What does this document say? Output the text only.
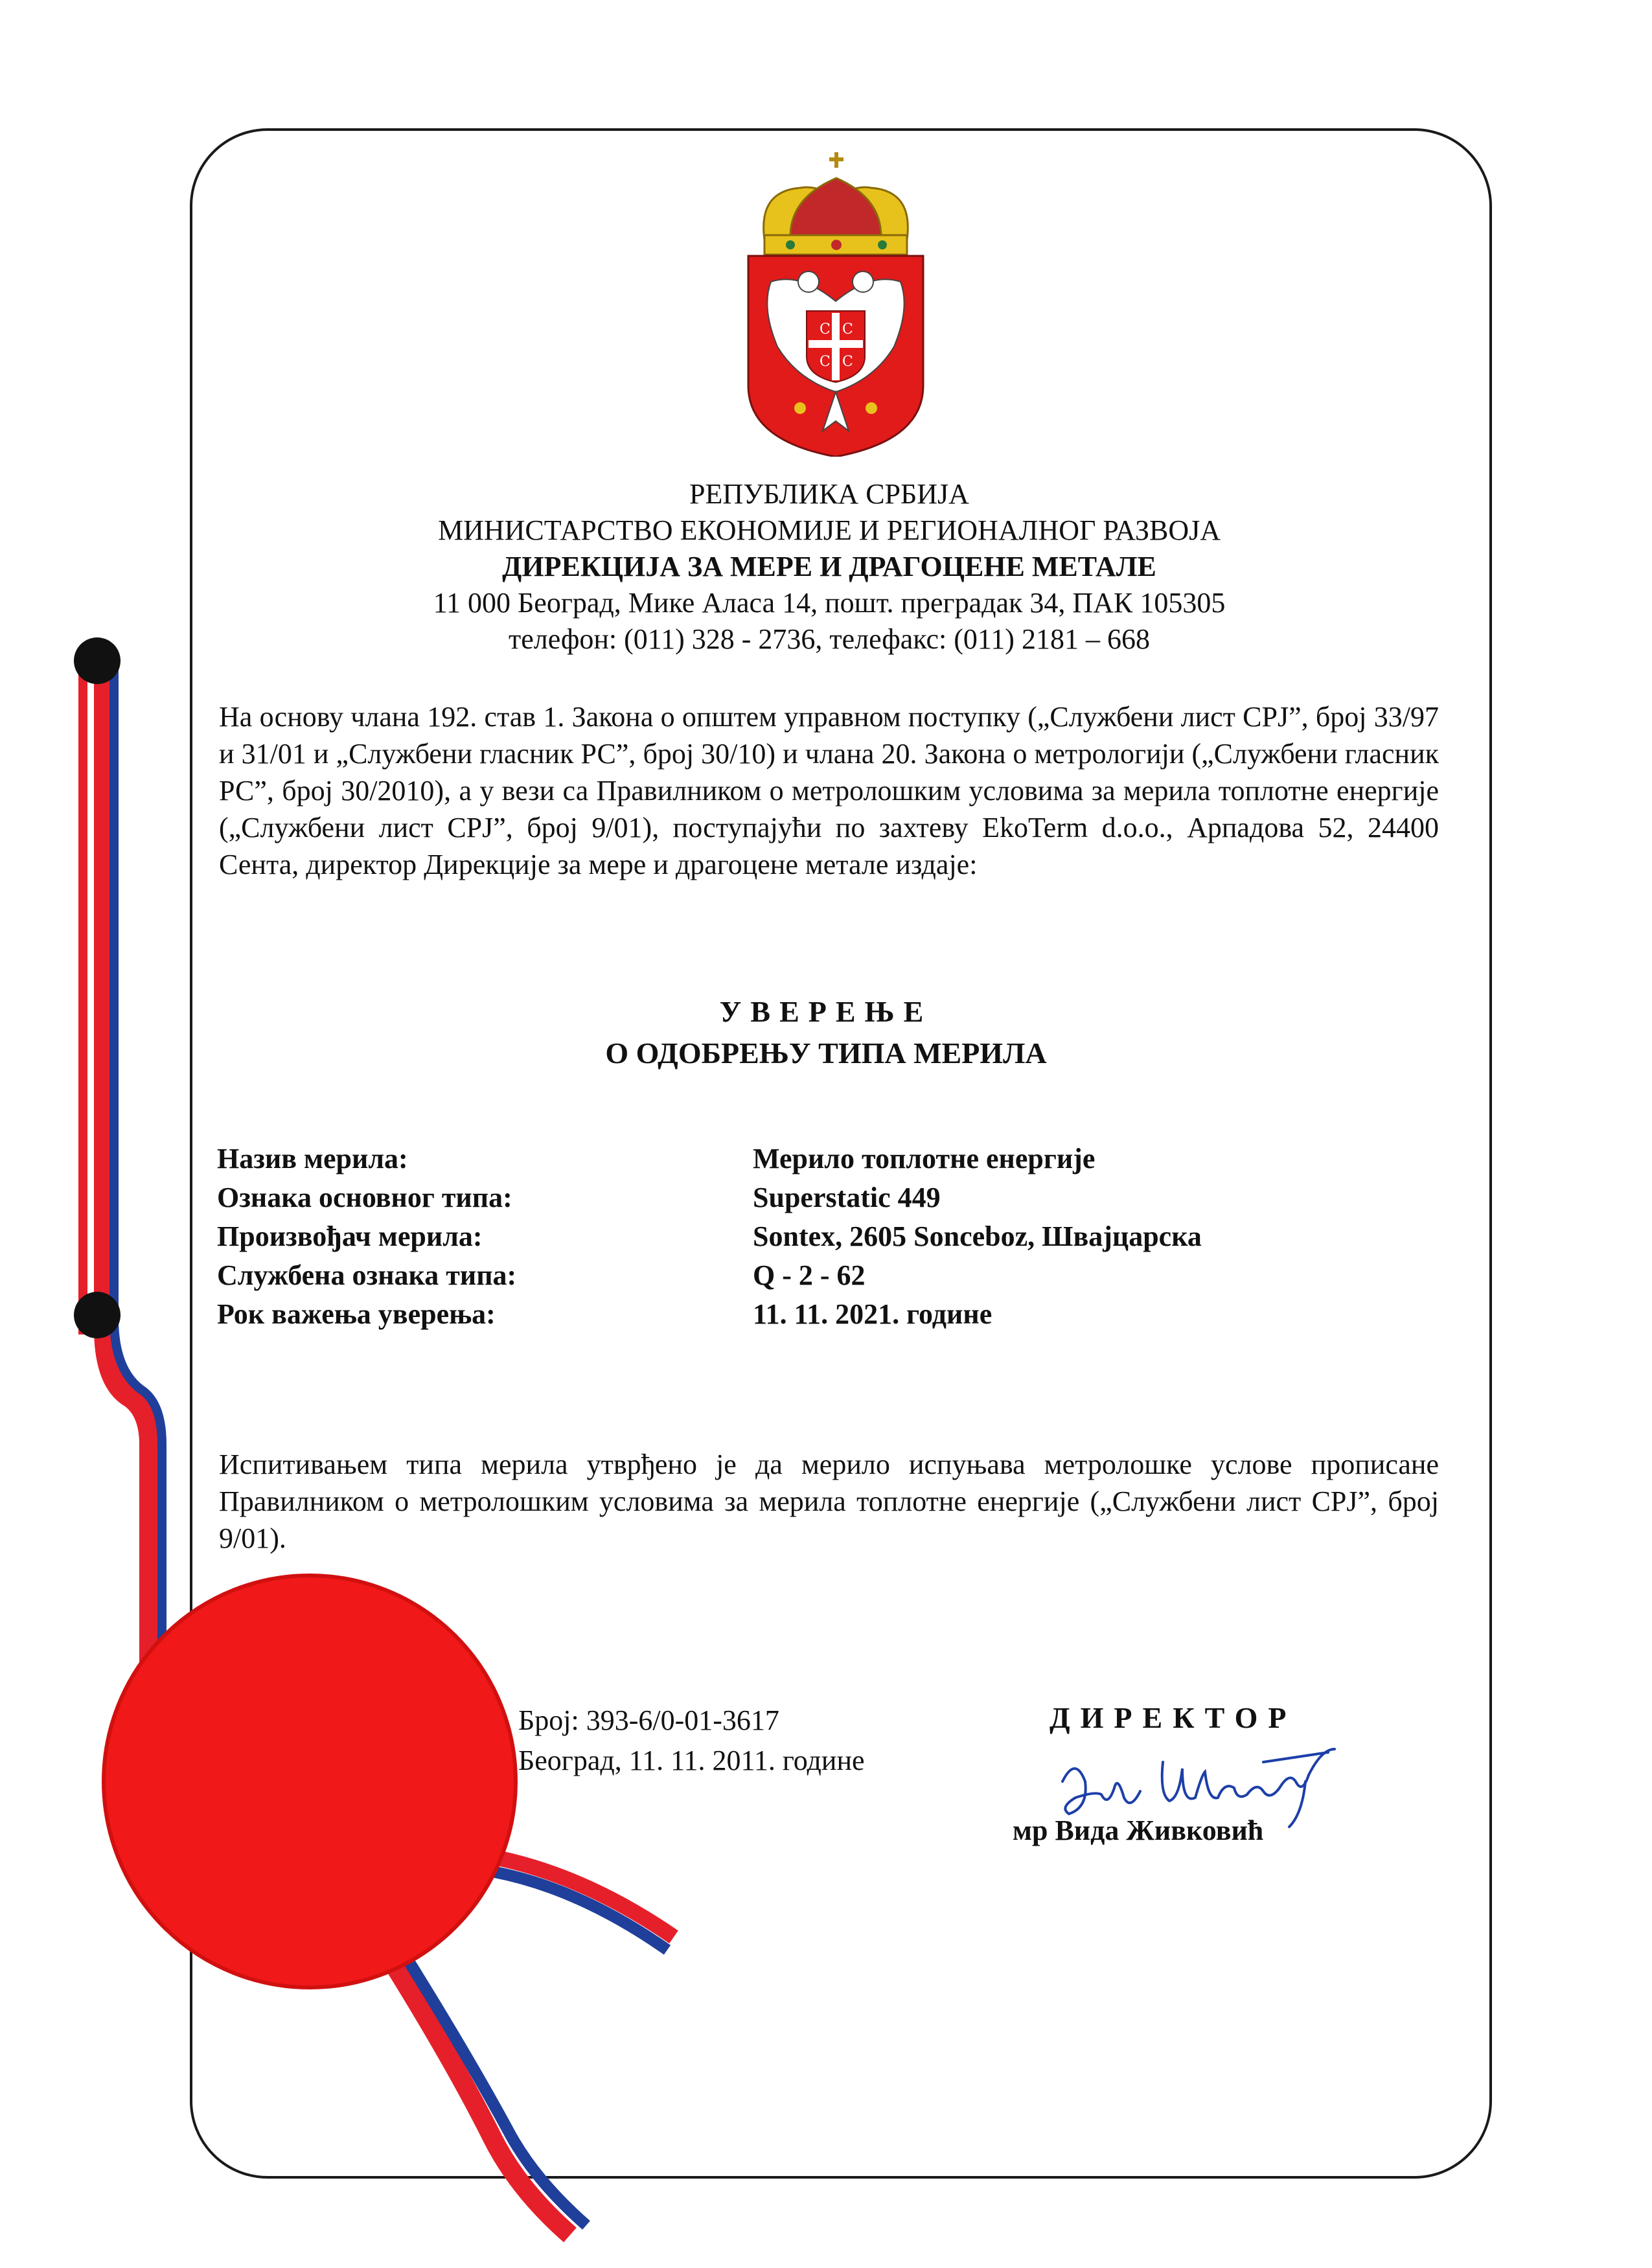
С С
С С
РЕПУБЛИКА СРБИЈА
МИНИСТАРСТВО ЕКОНОМИЈЕ И РЕГИОНАЛНОГ РАЗВОЈА
ДИРЕКЦИЈА ЗА МЕРЕ И ДРАГОЦЕНЕ МЕТАЛЕ
11 000 Београд, Мике Аласа 14, пошт. преградак 34, ПАК 105305
телефон: (011) 328 - 2736, телефакс: (011) 2181 – 668
На основу члана 192. став 1. Закона о општем управном поступку („Службени лист СРЈ”, број 33/97 и 31/01 и „Службени гласник РС”, број 30/10) и члана 20. Закона о метрологији („Службени гласник РС”, број 30/2010), а у вези са Правилником о метролошким условима за мерила топлотне енергије („Службени лист СРЈ”, број 9/01), поступајући по захтеву EkoTerm d.o.o., Арпадова 52, 24400 Сента, директор Дирекције за мере и драгоцене метале издаје:
УВЕРЕЊЕ
О ОДОБРЕЊУ ТИПА МЕРИЛА
Назив мерила:	Мерило топлотне енергије
Ознака основног типа:	Superstatic 449
Произвођач мерила:	Sontex, 2605 Sonceboz, Швајцарска
Службена ознака типа:	Q - 2 - 62
Рок важења уверења:	11. 11. 2021. године
Испитивањем типа мерила утврђено је да мерило испуњава метролошке услове прописане Правилником о метролошким условима за мерила топлотне енергије („Службени лист СРЈ”, број 9/01).
Број: 393-6/0-01-3617
Београд, 11. 11. 2011. године
ДИРЕКТОР
мр Вида Живковић
